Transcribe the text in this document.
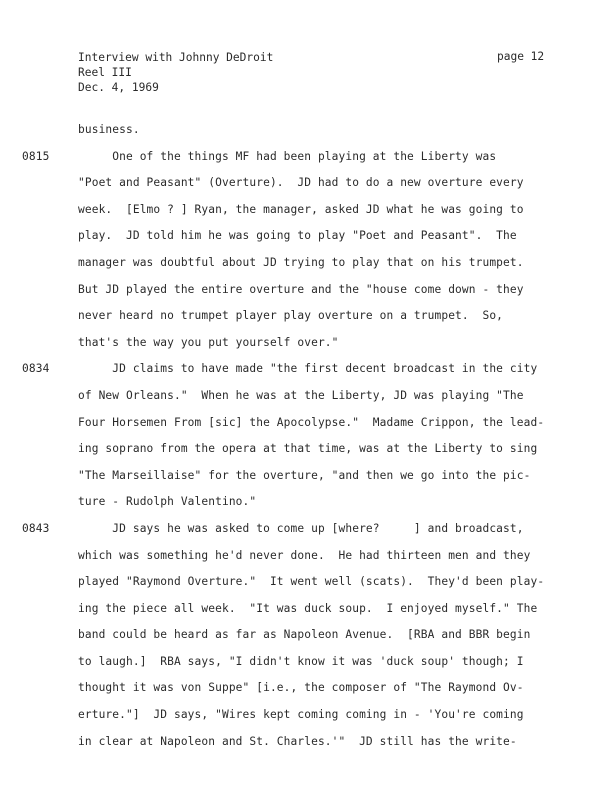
Interview with Johnny DeDroit
Reel III
Dec. 4, 1969
page 12
business.
0815	One of the things MF had been playing at the Liberty was
"Poet and Peasant" (Overture).  JD had to do a new overture every
week.  [Elmo ? ] Ryan, the manager, asked JD what he was going to
play.  JD told him he was going to play "Poet and Peasant".  The
manager was doubtful about JD trying to play that on his trumpet.
But JD played the entire overture and the "house come down - they
never heard no trumpet player play overture on a trumpet.  So,
that's the way you put yourself over."
0834	JD claims to have made "the first decent broadcast in the city
of New Orleans."  When he was at the Liberty, JD was playing "The
Four Horsemen From [sic] the Apocolypse."  Madame Crippon, the lead-
ing soprano from the opera at that time, was at the Liberty to sing
"The Marseillaise" for the overture, "and then we go into the pic-
ture - Rudolph Valentino."
0843	JD says he was asked to come up [where?     ] and broadcast,
which was something he'd never done.  He had thirteen men and they
played "Raymond Overture."  It went well (scats).  They'd been play-
ing the piece all week.  "It was duck soup.  I enjoyed myself." The
band could be heard as far as Napoleon Avenue.  [RBA and BBR begin
to laugh.]  RBA says, "I didn't know it was 'duck soup' though; I
thought it was von Suppe" [i.e., the composer of "The Raymond Ov-
erture."]  JD says, "Wires kept coming coming in - 'You're coming
in clear at Napoleon and St. Charles.'"  JD still has the write-
